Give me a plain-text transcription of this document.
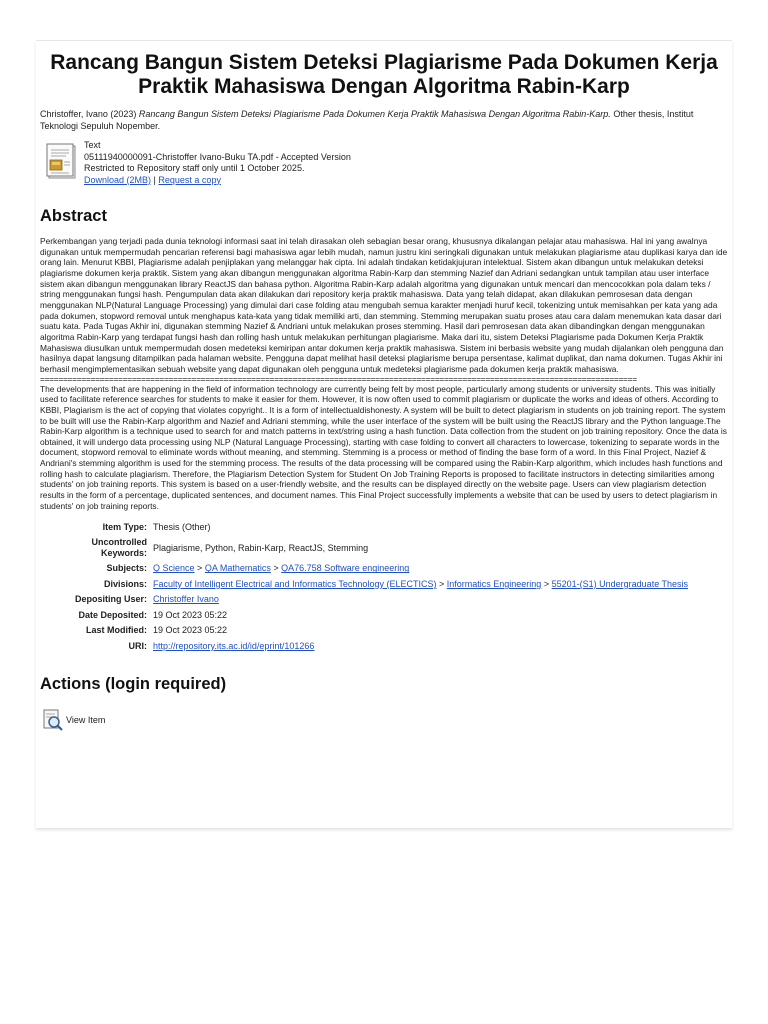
Rancang Bangun Sistem Deteksi Plagiarisme Pada Dokumen Kerja Praktik Mahasiswa Dengan Algoritma Rabin-Karp

Christoffer, Ivano (2023) Rancang Bangun Sistem Deteksi Plagiarisme Pada Dokumen Kerja Praktik Mahasiswa Dengan Algoritma Rabin-Karp. Other thesis, Institut Teknologi Sepuluh Nopember.

Text
05111940000091-Christoffer Ivano-Buku TA.pdf - Accepted Version
Restricted to Repository staff only until 1 October 2025.
Download (2MB) | Request a copy
Abstract

Perkembangan yang terjadi pada dunia teknologi informasi saat ini telah dirasakan oleh sebagian besar orang, khususnya dikalangan pelajar atau mahasiswa. Hal ini yang awalnya digunakan untuk mempermudah pencarian referensi bagi mahasiswa agar lebih mudah, namun justru kini seringkali digunakan untuk melakukan plagiarisme atau duplikasi karya dan ide orang lain. Menurut KBBI, Plagiarisme adalah penjiplakan yang melanggar hak cipta. Ini adalah tindakan ketidakjujuran intelektual. Sistem akan dibangun untuk melakukan deteksi plagiarisme dokumen kerja praktik. Sistem yang akan dibangun menggunakan algoritma Rabin-Karp dan stemming Nazief dan Adriani sedangkan untuk tampilan atau user interface sistem akan dibangun menggunakan library ReactJS dan bahasa python. Algoritma Rabin-Karp adalah algoritma yang digunakan untuk mencari dan mencocokkan pola dalam teks / string menggunakan fungsi hash. Pengumpulan data akan dilakukan dari repository kerja praktik mahasiswa. Data yang telah didapat, akan dilakukan pemrosesan data dengan menggunakan NLP(Natural Language Processing) yang dimulai dari case folding atau mengubah semua karakter menjadi huruf kecil, tokenizing untuk memisahkan per kata yang ada pada dokumen, stopword removal untuk menghapus kata-kata yang tidak memiliki arti, dan stemming. Stemming merupakan suatu proses atau cara dalam menemukan kata dasar dari suatu kata. Pada Tugas Akhir ini, digunakan stemming Nazief & Andriani untuk melakukan proses stemming. Hasil dari pemrosesan data akan dibandingkan dengan menggunakan algoritma Rabin-Karp yang terdapat fungsi hash dan rolling hash untuk melakukan perhitungan plagiarisme. Maka dari itu, sistem Deteksi Plagiarisme pada Dokumen Kerja Praktik Mahasiswa diusulkan untuk mempermudah dosen medeteksi kemiripan antar dokumen kerja praktik mahasiswa. Sistem ini berbasis website yang mudah dijalankan oleh pengguna dan hasilnya dapat langsung ditampilkan pada halaman website. Pengguna dapat melihat hasil deteksi plagiarisme berupa persentase, kalimat duplikat, dan nama dokumen. Tugas Akhir ini berhasil mengimplementasikan sebuah website yang dapat digunakan oleh pengguna untuk medeteksi plagiarisme pada dokumen kerja praktik mahasiswa.

==================================================================================================================================

The developments that are happening in the field of information technology are currently being felt by most people, particularly among students or university students. This was initially used to facilitate reference searches for students to make it easier for them. However, it is now often used to commit plagiarism or duplicate the works and ideas of others. According to KBBI, Plagiarism is the act of copying that violates copyright.. It is a form of intellectualdishonesty. A system will be built to detect plagiarism in students on job training report. The system to be built will use the Rabin-Karp algorithm and Nazief and Adriani stemming, while the user interface of the system will be built using the ReactJS library and the Python language.The Rabin-Karp algorithm is a technique used to search for and match patterns in text/string using a hash function. Data collection from the student on job training repository. Once the data is obtained, it will undergo data processing using NLP (Natural Language Processing), starting with case folding to convert all characters to lowercase, tokenizing to separate words in the document, stopword removal to eliminate words without meaning, and stemming. Stemming is a process or method of finding the base form of a word. In this Final Project, Nazief & Andriani's stemming algorithm is used for the stemming process. The results of the data processing will be compared using the Rabin-Karp algorithm, which includes hash functions and rolling hash to calculate plagiarism. Therefore, the Plagiarism Detection System for Student On Job Training Reports is proposed to facilitate instructors in detecting similarities among students' on job training reports. This system is based on a user-friendly website, and the results can be displayed directly on the website page. Users can view plagiarism detection results in the form of a percentage, duplicated sentences, and document names. This Final Project successfully implements a website that can be used by users to detect plagiarism in students' on job training reports.

Item Type:	Thesis (Other)
Uncontrolled Keywords:	Plagiarisme, Python, Rabin-Karp, ReactJS, Stemming
Subjects:	Q Science > QA Mathematics > QA76.758 Software engineering
Divisions:	Faculty of Intelligent Electrical and Informatics Technology (ELECTICS) > Informatics Engineering > 55201-(S1) Undergraduate Thesis
Depositing User:	Christoffer Ivano
Date Deposited:	19 Oct 2023 05:22
Last Modified:	19 Oct 2023 05:22
URI:	http://repository.its.ac.id/id/eprint/101266
Actions (login required)
View Item
